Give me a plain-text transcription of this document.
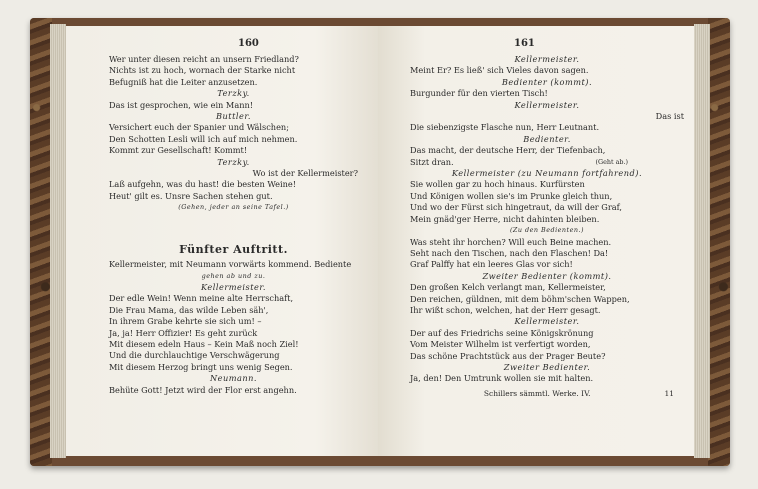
160
Wer unter diesen reicht an unsern Friedland?
Nichts ist zu hoch, wornach der Starke nicht
Befugniß hat die Leiter anzusetzen.
Terzky.
Das ist gesprochen, wie ein Mann!
Buttler.
Versichert euch der Spanier und Wälschen;
Den Schotten Lesli will ich auf mich nehmen.
Kommt zur Gesellschaft! Kommt!
Terzky.
Wo ist der Kellermeister?
Laß aufgehn, was du hast! die besten Weine!
Heut' gilt es. Unsre Sachen stehen gut.
(Gehen, jeder an seine Tafel.)
Fünfter Auftritt.
Kellermeister, mit Neumann vorwärts kommend. Bediente
gehen ab und zu.
Kellermeister.
Der edle Wein! Wenn meine alte Herrschaft,
Die Frau Mama, das wilde Leben säh',
In ihrem Grabe kehrte sie sich um! –
Ja, ja! Herr Offizier! Es geht zurück
Mit diesem edeln Haus – Kein Maß noch Ziel!
Und die durchlauchtige Verschwägerung
Mit diesem Herzog bringt uns wenig Segen.
Neumann.
Behüte Gott! Jetzt wird der Flor erst angehn.
161
Kellermeister.
Meint Er? Es ließ' sich Vieles davon sagen.
Bedienter (kommt).
Burgunder für den vierten Tisch!
Kellermeister.
Das ist
Die siebenzigste Flasche nun, Herr Leutnant.
Bedienter.
Das macht, der deutsche Herr, der Tiefenbach,
Sitzt dran.	(Geht ab.)
Kellermeister (zu Neumann fortfahrend).
Sie wollen gar zu hoch hinaus. Kurfürsten
Und Königen wollen sie's im Prunke gleich thun,
Und wo der Fürst sich hingetraut, da will der Graf,
Mein gnäd'ger Herre, nicht dahinten bleiben.
(Zu den Bedienten.)
Was steht ihr horchen? Will euch Beine machen.
Seht nach den Tischen, nach den Flaschen! Da!
Graf Palffy hat ein leeres Glas vor sich!
Zweiter Bedienter (kommt).
Den großen Kelch verlangt man, Kellermeister,
Den reichen, güldnen, mit dem böhm'schen Wappen,
Ihr wißt schon, welchen, hat der Herr gesagt.
Kellermeister.
Der auf des Friedrichs seine Königskrönung
Vom Meister Wilhelm ist verfertigt worden,
Das schöne Prachtstück aus der Prager Beute?
Zweiter Bedienter.
Ja, den! Den Umtrunk wollen sie mit halten.
Schillers sämmtl. Werke. IV.	11
